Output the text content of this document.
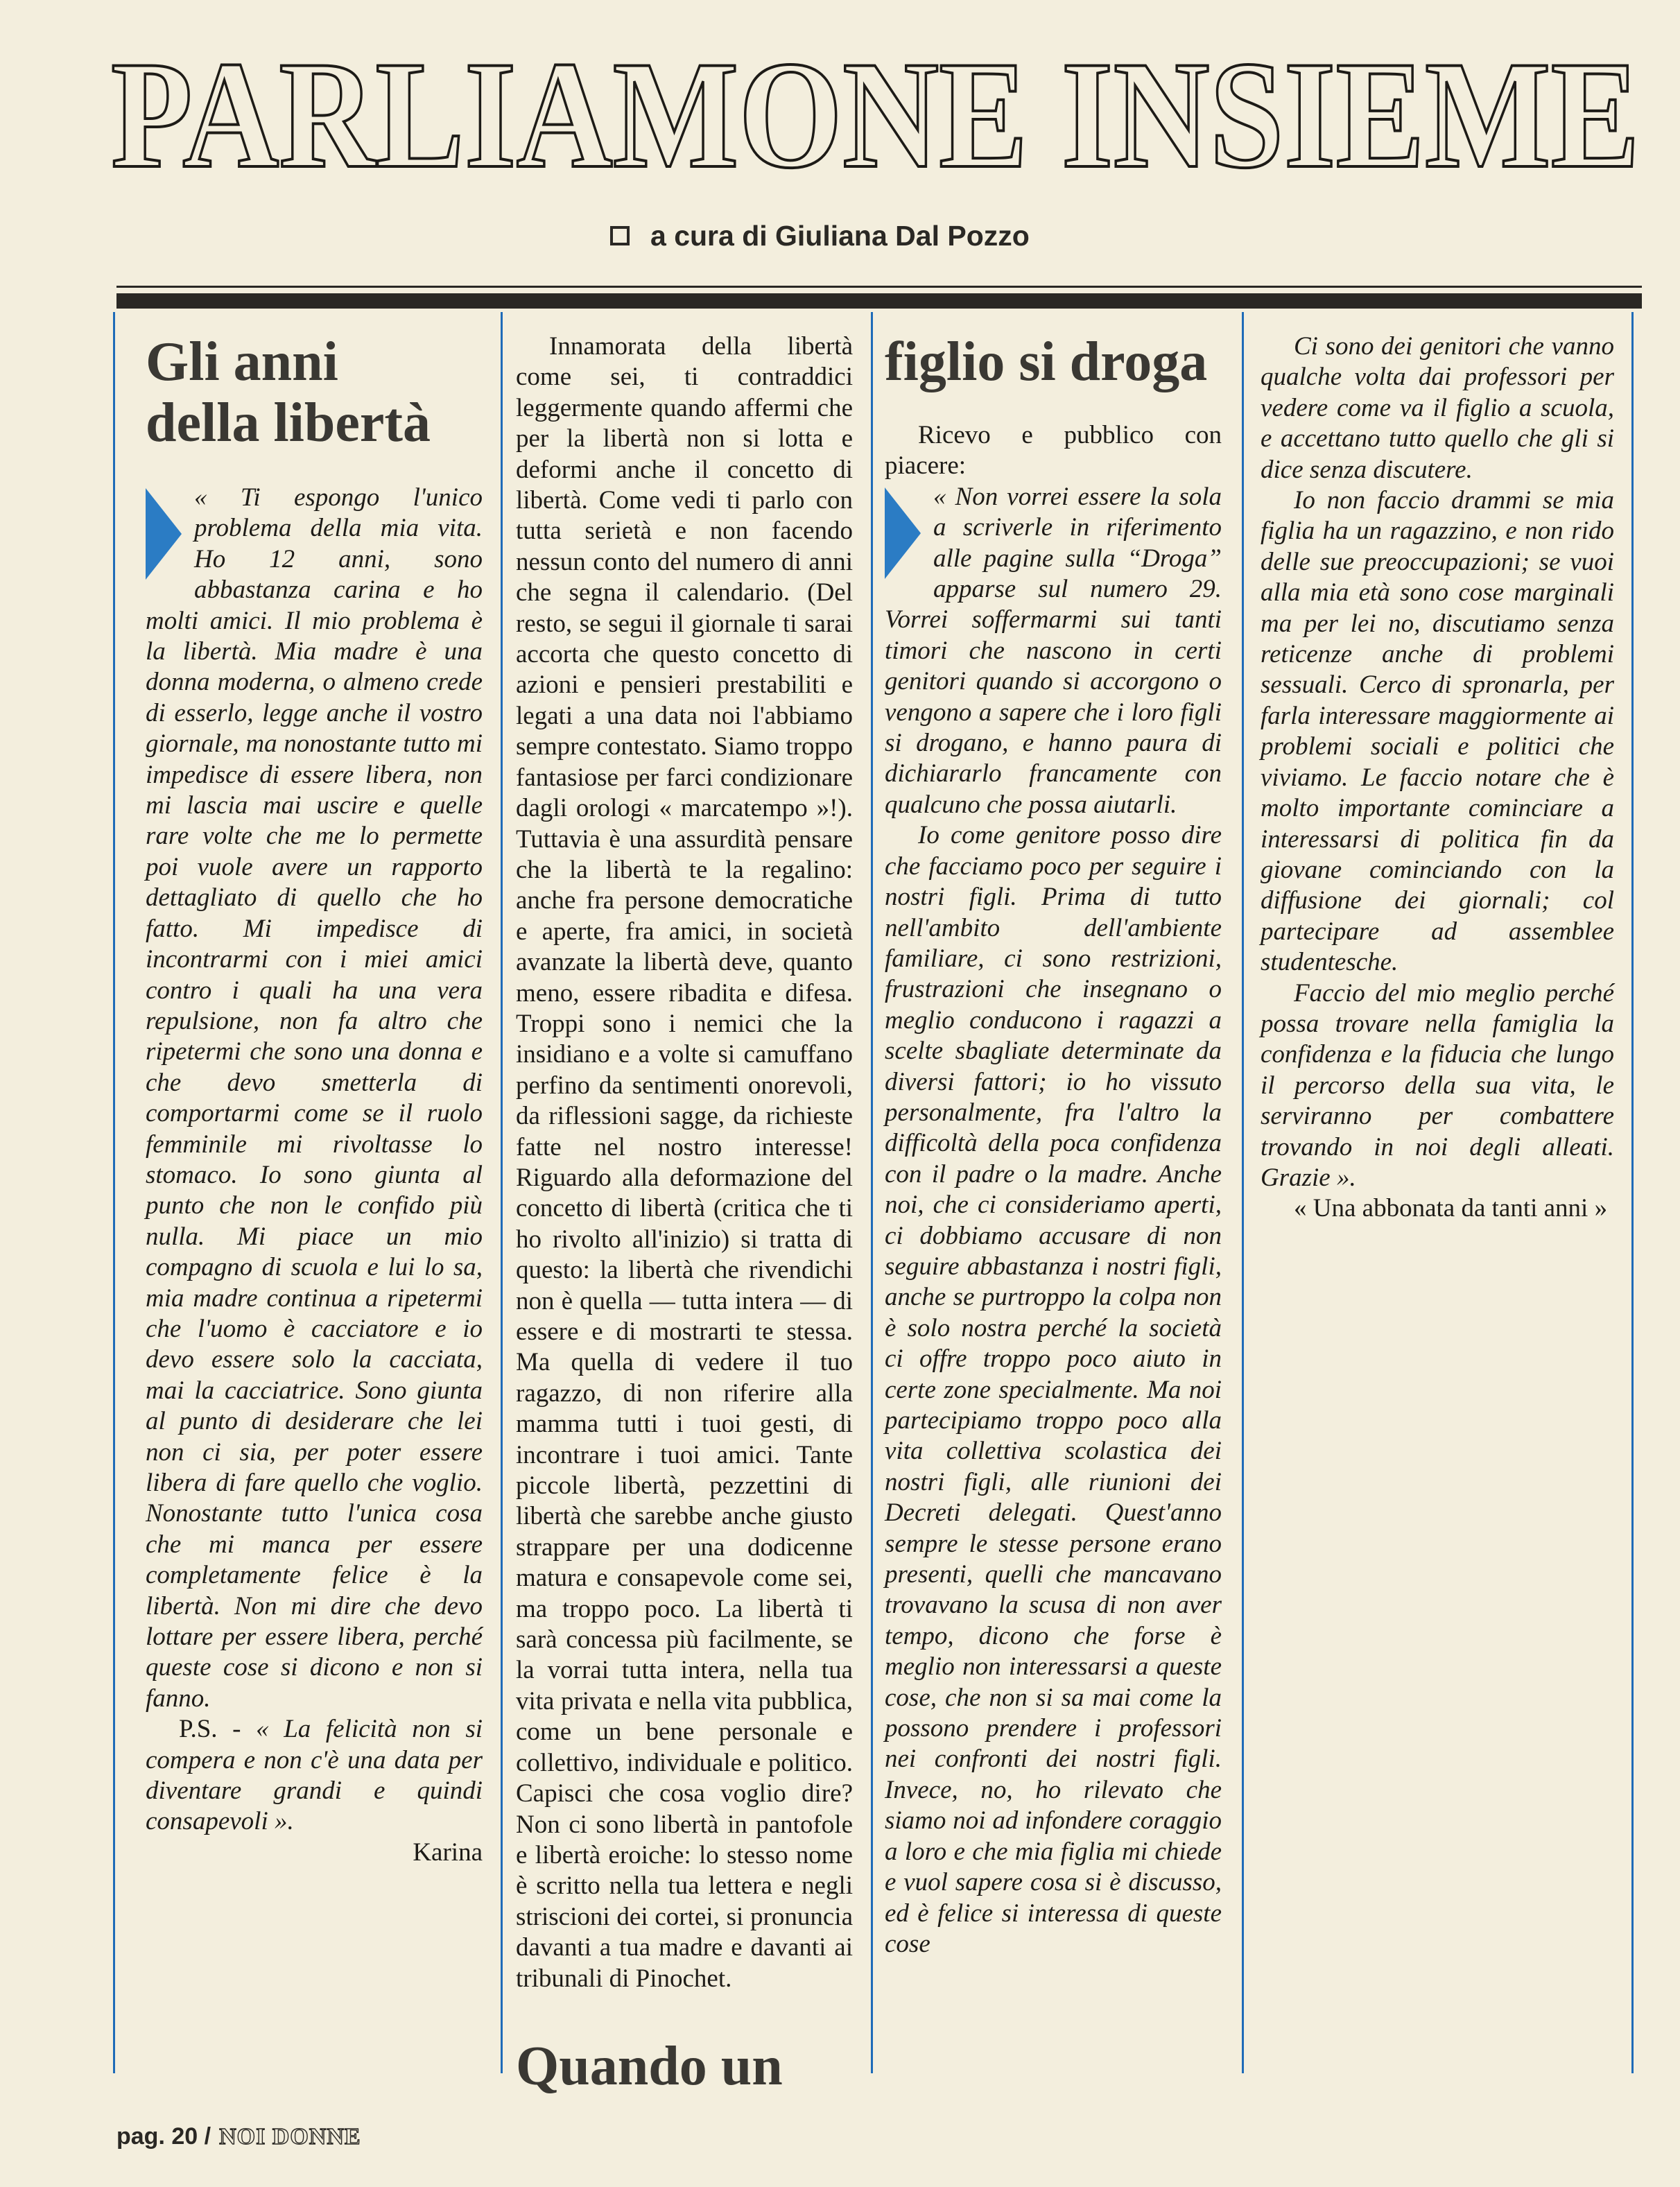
PARLIAMONE INSIEME
a cura di Giuliana Dal Pozzo

Gli anni

della libertà

« Ti espongo l'unico problema della mia vita. Ho 12 anni, sono abbastanza carina e ho molti amici. Il mio problema è la libertà. Mia madre è una donna moderna, o almeno crede di esserlo, legge anche il vostro giornale, ma nonostante tutto mi impedisce di essere libera, non mi lascia mai uscire e quelle rare volte che me lo permette poi vuole avere un rapporto dettagliato di quello che ho fatto. Mi impedisce di incontrarmi con i miei amici contro i quali ha una vera repulsione, non fa altro che ripetermi che sono una donna e che devo smetterla di comportarmi come se il ruolo femminile mi rivoltasse lo stomaco. Io sono giunta al punto che non le confido più nulla. Mi piace un mio compagno di scuola e lui lo sa, mia madre continua a ripetermi che l'uomo è cacciatore e io devo essere solo la cacciata, mai la cacciatrice. Sono giunta al punto di desiderare che lei non ci sia, per poter essere libera di fare quello che voglio. Nonostante tutto l'unica cosa che mi manca per essere completamente felice è la libertà. Non mi dire che devo lottare per essere libera, perché queste cose si dicono e non si fanno.

P.S. - « La felicità non si compera e non c'è una data per diventare grandi e quindi consapevoli ».

Karina

Innamorata della libertà come sei, ti contraddici leggermente quando affermi che per la libertà non si lotta e deformi anche il concetto di libertà. Come vedi ti parlo con tutta serietà e non facendo nessun conto del numero di anni che segna il calendario. (Del resto, se segui il giornale ti sarai accorta che questo concetto di azioni e pensieri prestabiliti e legati a una data noi l'abbiamo sempre contestato. Siamo troppo fantasiose per farci condizionare dagli orologi « marcatempo »!). Tuttavia è una assurdità pensare che la libertà te la regalino: anche fra persone democratiche e aperte, fra amici, in società avanzate la libertà deve, quanto meno, essere ribadita e difesa. Troppi sono i nemici che la insidiano e a volte si camuffano perfino da sentimenti onorevoli, da riflessioni sagge, da richieste fatte nel nostro interesse! Riguardo alla deformazione del concetto di libertà (critica che ti ho rivolto all'inizio) si tratta di questo: la libertà che rivendichi non è quella — tutta intera — di essere e di mostrarti te stessa. Ma quella di vedere il tuo ragazzo, di non riferire alla mamma tutti i tuoi gesti, di incontrare i tuoi amici. Tante piccole libertà, pezzettini di libertà che sarebbe anche giusto strappare per una dodicenne matura e consapevole come sei, ma troppo poco. La libertà ti sarà concessa più facilmente, se la vorrai tutta intera, nella tua vita privata e nella vita pubblica, come un bene personale e collettivo, individuale e politico. Capisci che cosa voglio dire? Non ci sono libertà in pantofole e libertà eroiche: lo stesso nome è scritto nella tua lettera e negli striscioni dei cortei, si pronuncia davanti a tua madre e davanti ai tribunali di Pinochet.

Quando un

figlio si droga

Ricevo e pubblico con piacere:

« Non vorrei essere la sola a scriverle in riferimento alle pagine sulla “Droga” apparse sul numero 29. Vorrei soffermarmi sui tanti timori che nascono in certi genitori quando si accorgono o vengono a sapere che i loro figli si drogano, e hanno paura di dichiararlo francamente con qualcuno che possa aiutarli.

Io come genitore posso dire che facciamo poco per seguire i nostri figli. Prima di tutto nell'ambito dell'ambiente familiare, ci sono restrizioni, frustrazioni che insegnano o meglio conducono i ragazzi a scelte sbagliate determinate da diversi fattori; io ho vissuto personalmente, fra l'altro la difficoltà della poca confidenza con il padre o la madre. Anche noi, che ci consideriamo aperti, ci dobbiamo accusare di non seguire abbastanza i nostri figli, anche se purtroppo la colpa non è solo nostra perché la società ci offre troppo poco aiuto in certe zone specialmente. Ma noi partecipiamo troppo poco alla vita collettiva scolastica dei nostri figli, alle riunioni dei Decreti delegati. Quest'anno sempre le stesse persone erano presenti, quelli che mancavano trovavano la scusa di non aver tempo, dicono che forse è meglio non interessarsi a queste cose, che non si sa mai come la possono prendere i professori nei confronti dei nostri figli. Invece, no, ho rilevato che siamo noi ad infondere coraggio a loro e che mia figlia mi chiede e vuol sapere cosa si è discusso, ed è felice si interessa di queste cose

Ci sono dei genitori che vanno qualche volta dai professori per vedere come va il figlio a scuola, e accettano tutto quello che gli si dice senza discutere.

Io non faccio drammi se mia figlia ha un ragazzino, e non rido delle sue preoccupazioni; se vuoi alla mia età sono cose marginali ma per lei no, discutiamo senza reticenze anche di problemi sessuali. Cerco di spronarla, per farla interessare maggiormente ai problemi sociali e politici che viviamo. Le faccio notare che è molto importante cominciare a interessarsi di politica fin da giovane cominciando con la diffusione dei giornali; col partecipare ad assemblee studentesche.

Faccio del mio meglio perché possa trovare nella famiglia la confidenza e la fiducia che lungo il percorso della sua vita, le serviranno per combattere trovando in noi degli alleati. Grazie ».

« Una abbonata da tanti anni »

pag. 20 / NOI DONNE
